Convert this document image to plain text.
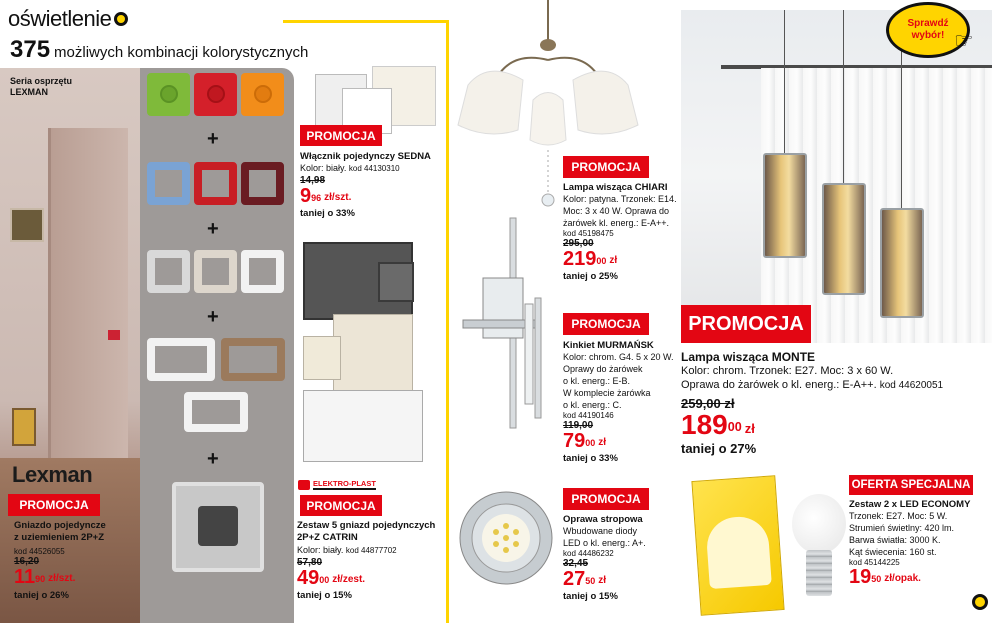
oświetlenie
375 możliwych kombinacji kolorystycznych
Seria osprzętu
LEXMAN
Lexman
PROMOCJA
Gniazdo pojedyncze
z uziemieniem 2P+Z
kod 44526055
16,20
$11^{90}$ zł/szt.
taniej o 26%
+
+
+
+
PROMOCJA
Włącznik pojedynczy SEDNA
Kolor: biały. kod 44130310
14,98
$9^{96}$ zł/szt.
taniej o 33%
ELEKTRO-PLAST
PROMOCJA
Zestaw 5 gniazd pojedynczych
2P+Z CATRIN
Kolor: biały. kod 44877702
57,80
$49^{00}$ zł/zest.
taniej o 15%
PROMOCJA
Lampa wisząca CHIARI
Kolor: patyna. Trzonek: E14.
Moc: 3 x 40 W. Oprawa do
żarówek kl. energ.: E-A++.
kod 45198475
295,00
$219^{00}$ zł
taniej o 25%
PROMOCJA
Kinkiet MURMAŃSK
Kolor: chrom. G4. 5 x 20 W.
Oprawy do żarówek
o kl. energ.: E-B.
W komplecie żarówka
o kl. energ.: C.
kod 44190146
119,00
$79^{00}$ zł
taniej o 33%
PROMOCJA
Oprawa stropowa
Wbudowane diody
LED o kl. energ.: A+.
kod 44486232
32,45
$27^{50}$ zł
taniej o 15%
Sprawdź
wybór! ☞
PROMOCJA
Lampa wisząca MONTE
Kolor: chrom. Trzonek: E27. Moc: 3 x 60 W.
Oprawa do żarówek o kl. energ.: E-A++. kod 44620051
259,00 zł
$189^{00}$ zł
taniej o 27%
OFERTA SPECJALNA
Zestaw 2 x LED ECONOMY
Trzonek: E27. Moc: 5 W.
Strumień świetlny: 420 lm.
Barwa światła: 3000 K.
Kąt świecenia: 160 st.
kod 45144225
$19^{50}$ zł/opak.
